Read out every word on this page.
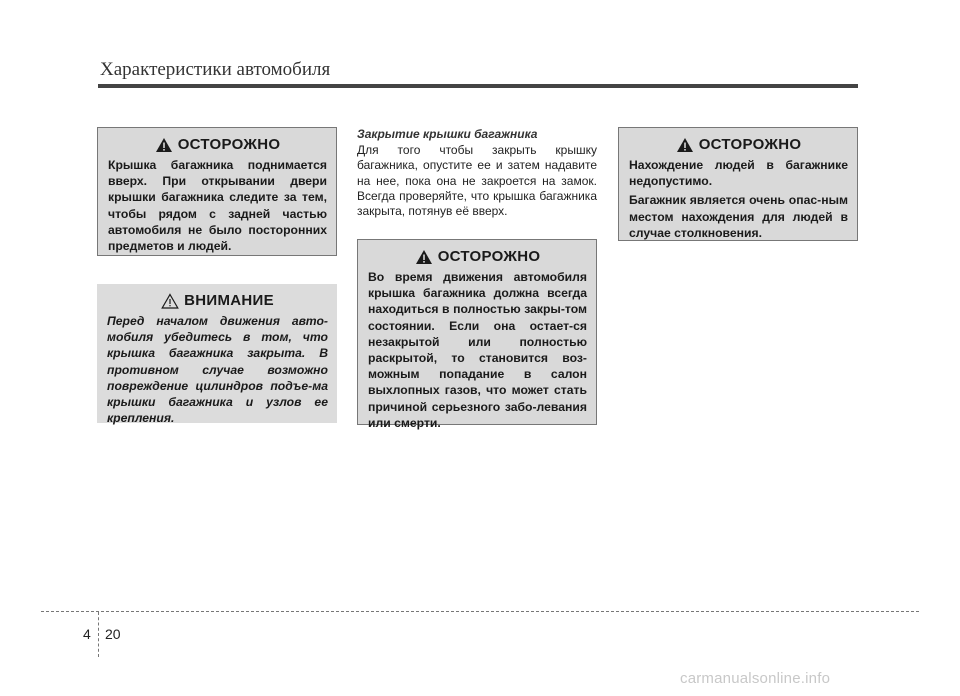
Характеристики автомобиля
ОСТОРОЖНО

Крышка багажника поднимается вверх. При открывании двери крышки багажника следите за тем, чтобы рядом с задней частью автомобиля не было посторонних предметов и людей.

ВНИМАНИЕ

Перед началом движения авто-мобиля убедитесь в том, что крышка багажника закрыта. В противном случае возможно повреждение цилиндров подъе-ма крышки багажника и узлов ее крепления.

Закрытие крышки багажника
Для того чтобы закрыть крышку багажника, опустите ее и затем надавите на нее, пока она не закроется на замок. Всегда проверяйте, что крышка багажника закрыта, потянув её вверх.
ОСТОРОЖНО

Во время движения автомобиля крышка багажника должна всегда находиться в полностью закры-том состоянии. Если она остает-ся незакрытой или полностью раскрытой, то становится воз-можным попадание в салон выхлопных газов, что может стать причиной серьезного забо-левания или смерти.

ОСТОРОЖНО

Нахождение людей в багажнике недопустимо.

Багажник является очень опас-ным местом нахождения для людей в случае столкновения.

4 20
carmanualsonline.info
